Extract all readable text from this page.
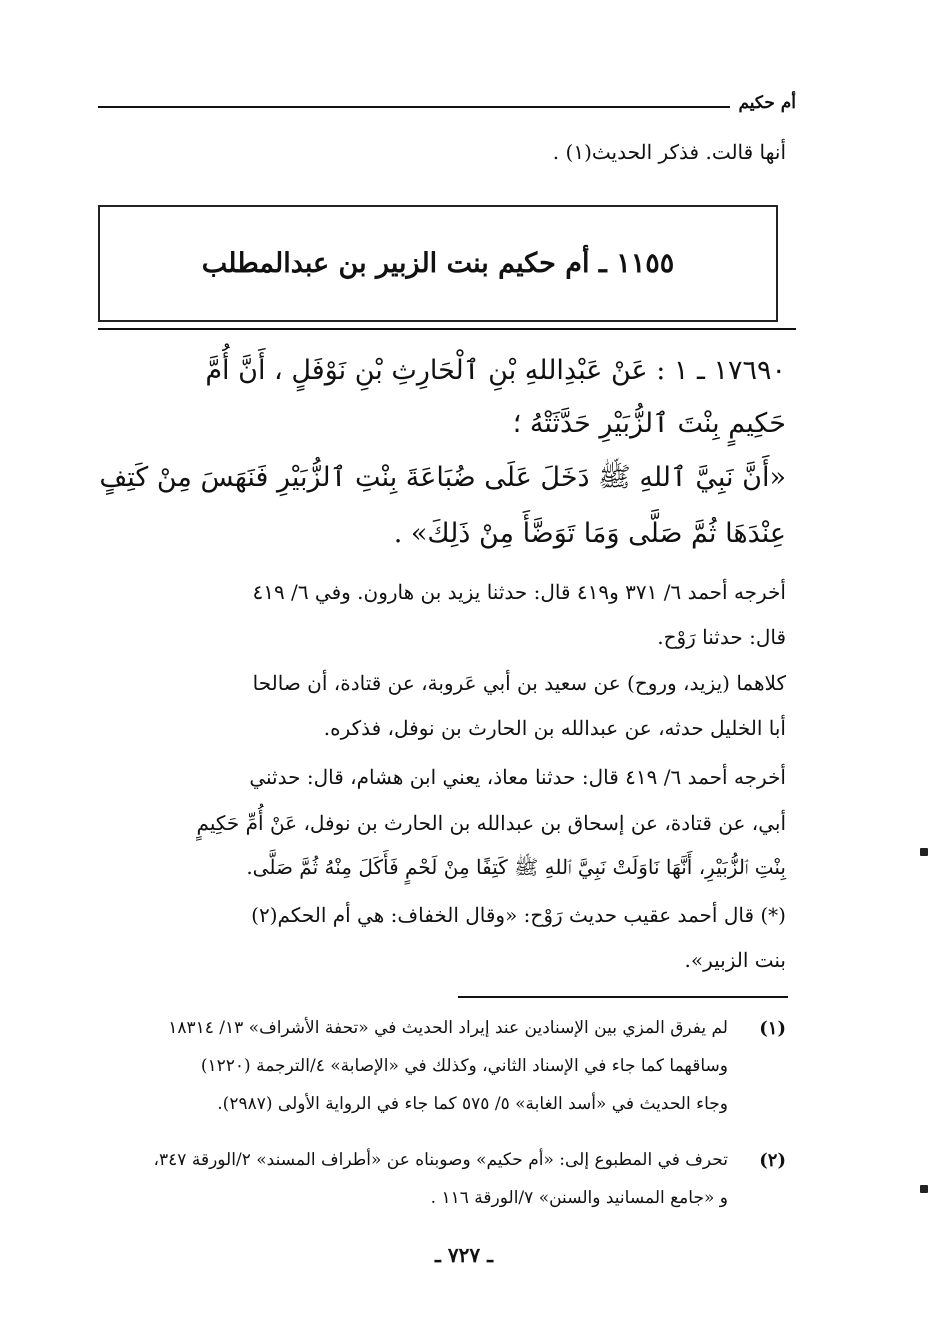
أم حكيم
أنها قالت. فذكر الحديث(١) .
١١٥٥ ـ أم حكيم بنت الزبير بن عبدالمطلب
١٧٦٩٠ ـ ١ : عَنْ عَبْدِاللهِ بْنِ ٱلْحَارِثِ بْنِ نَوْفَلٍ ، أَنَّ أُمَّ
حَكِيمٍ بِنْتَ ٱلزُّبَيْرِ حَدَّثَتْهُ ؛
«أَنَّ نَبِيَّ ٱللهِ ﷺ دَخَلَ عَلَى ضُبَاعَةَ بِنْتِ ٱلزُّبَيْرِ فَنَهَسَ مِنْ كَتِفٍ
عِنْدَهَا ثُمَّ صَلَّى وَمَا تَوَضَّأَ مِنْ ذَلِكَ» .
أخرجه أحمد ٦/ ٣٧١ و٤١٩ قال: حدثنا يزيد بن هارون. وفي ٦/ ٤١٩
قال: حدثنا رَوْح.
كلاهما (يزيد، وروح) عن سعيد بن أبي عَروبة، عن قتادة، أن صالحا
أبا الخليل حدثه، عن عبدالله بن الحارث بن نوفل، فذكره.
أخرجه أحمد ٦/ ٤١٩ قال: حدثنا معاذ، يعني ابن هشام، قال: حدثني
أبي، عن قتادة، عن إسحاق بن عبدالله بن الحارث بن نوفل، عَنْ أُمِّ حَكِيمٍ
بِنْتِ ٱلزُّبَيْرِ، أَنَّهَا نَاوَلَتْ نَبِيَّ ٱللهِ ﷺ كَتِفًا مِنْ لَحْمٍ فَأَكَلَ مِنْهُ ثُمَّ صَلَّى.
(*) قال أحمد عقيب حديث رَوْح: «وقال الخفاف: هي أم الحكم(٢)
بنت الزبير».
(١)
لم يفرق المزي بين الإسنادين عند إيراد الحديث في «تحفة الأشراف» ١٣/ ١٨٣١٤
وساقهما كما جاء في الإسناد الثاني، وكذلك في «الإصابة» ٤/الترجمة (١٢٢٠)
وجاء الحديث في «أسد الغابة» ٥/ ٥٧٥ كما جاء في الرواية الأولى (٢٩٨٧).
(٢)
تحرف في المطبوع إلى: «أم حكيم» وصوبناه عن «أطراف المسند» ٢/الورقة ٣٤٧،
و «جامع المسانيد والسنن» ٧/الورقة ١١٦ .
ـ ٧٢٧ ـ
